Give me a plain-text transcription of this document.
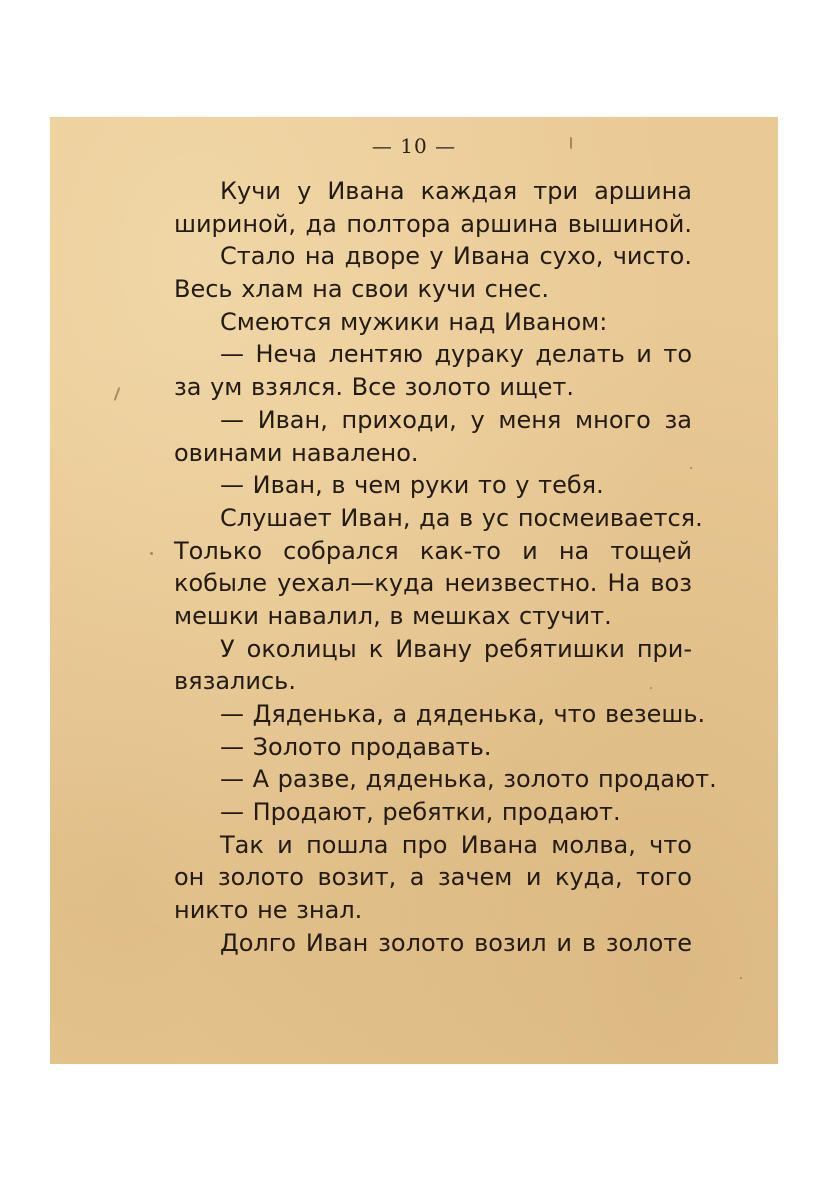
— 10 —
Кучи у Ивана каждая три аршина
шириной, да полтора аршина вышиной.
Стало на дворе у Ивана сухо, чисто.
Весь хлам на свои кучи снес.
Смеются мужики над Иваном:
— Неча лентяю дураку делать и то
за ум взялся. Все золото ищет.
— Иван, приходи, у меня много за
овинами навалено.
— Иван, в чем руки то у тебя.
Слушает Иван, да в ус посмеивается.
Только собрался как-то и на тощей
кобыле уехал—куда неизвестно. На воз
мешки навалил, в мешках стучит.
У околицы к Ивану ребятишки при-
вязались.
— Дяденька, а дяденька, что везешь.
— Золото продавать.
— А разве, дяденька, золото продают.
— Продают, ребятки, продают.
Так и пошла про Ивана молва, что
он золото возит, а зачем и куда, того
никто не знал.
Долго Иван золото возил и в золоте
